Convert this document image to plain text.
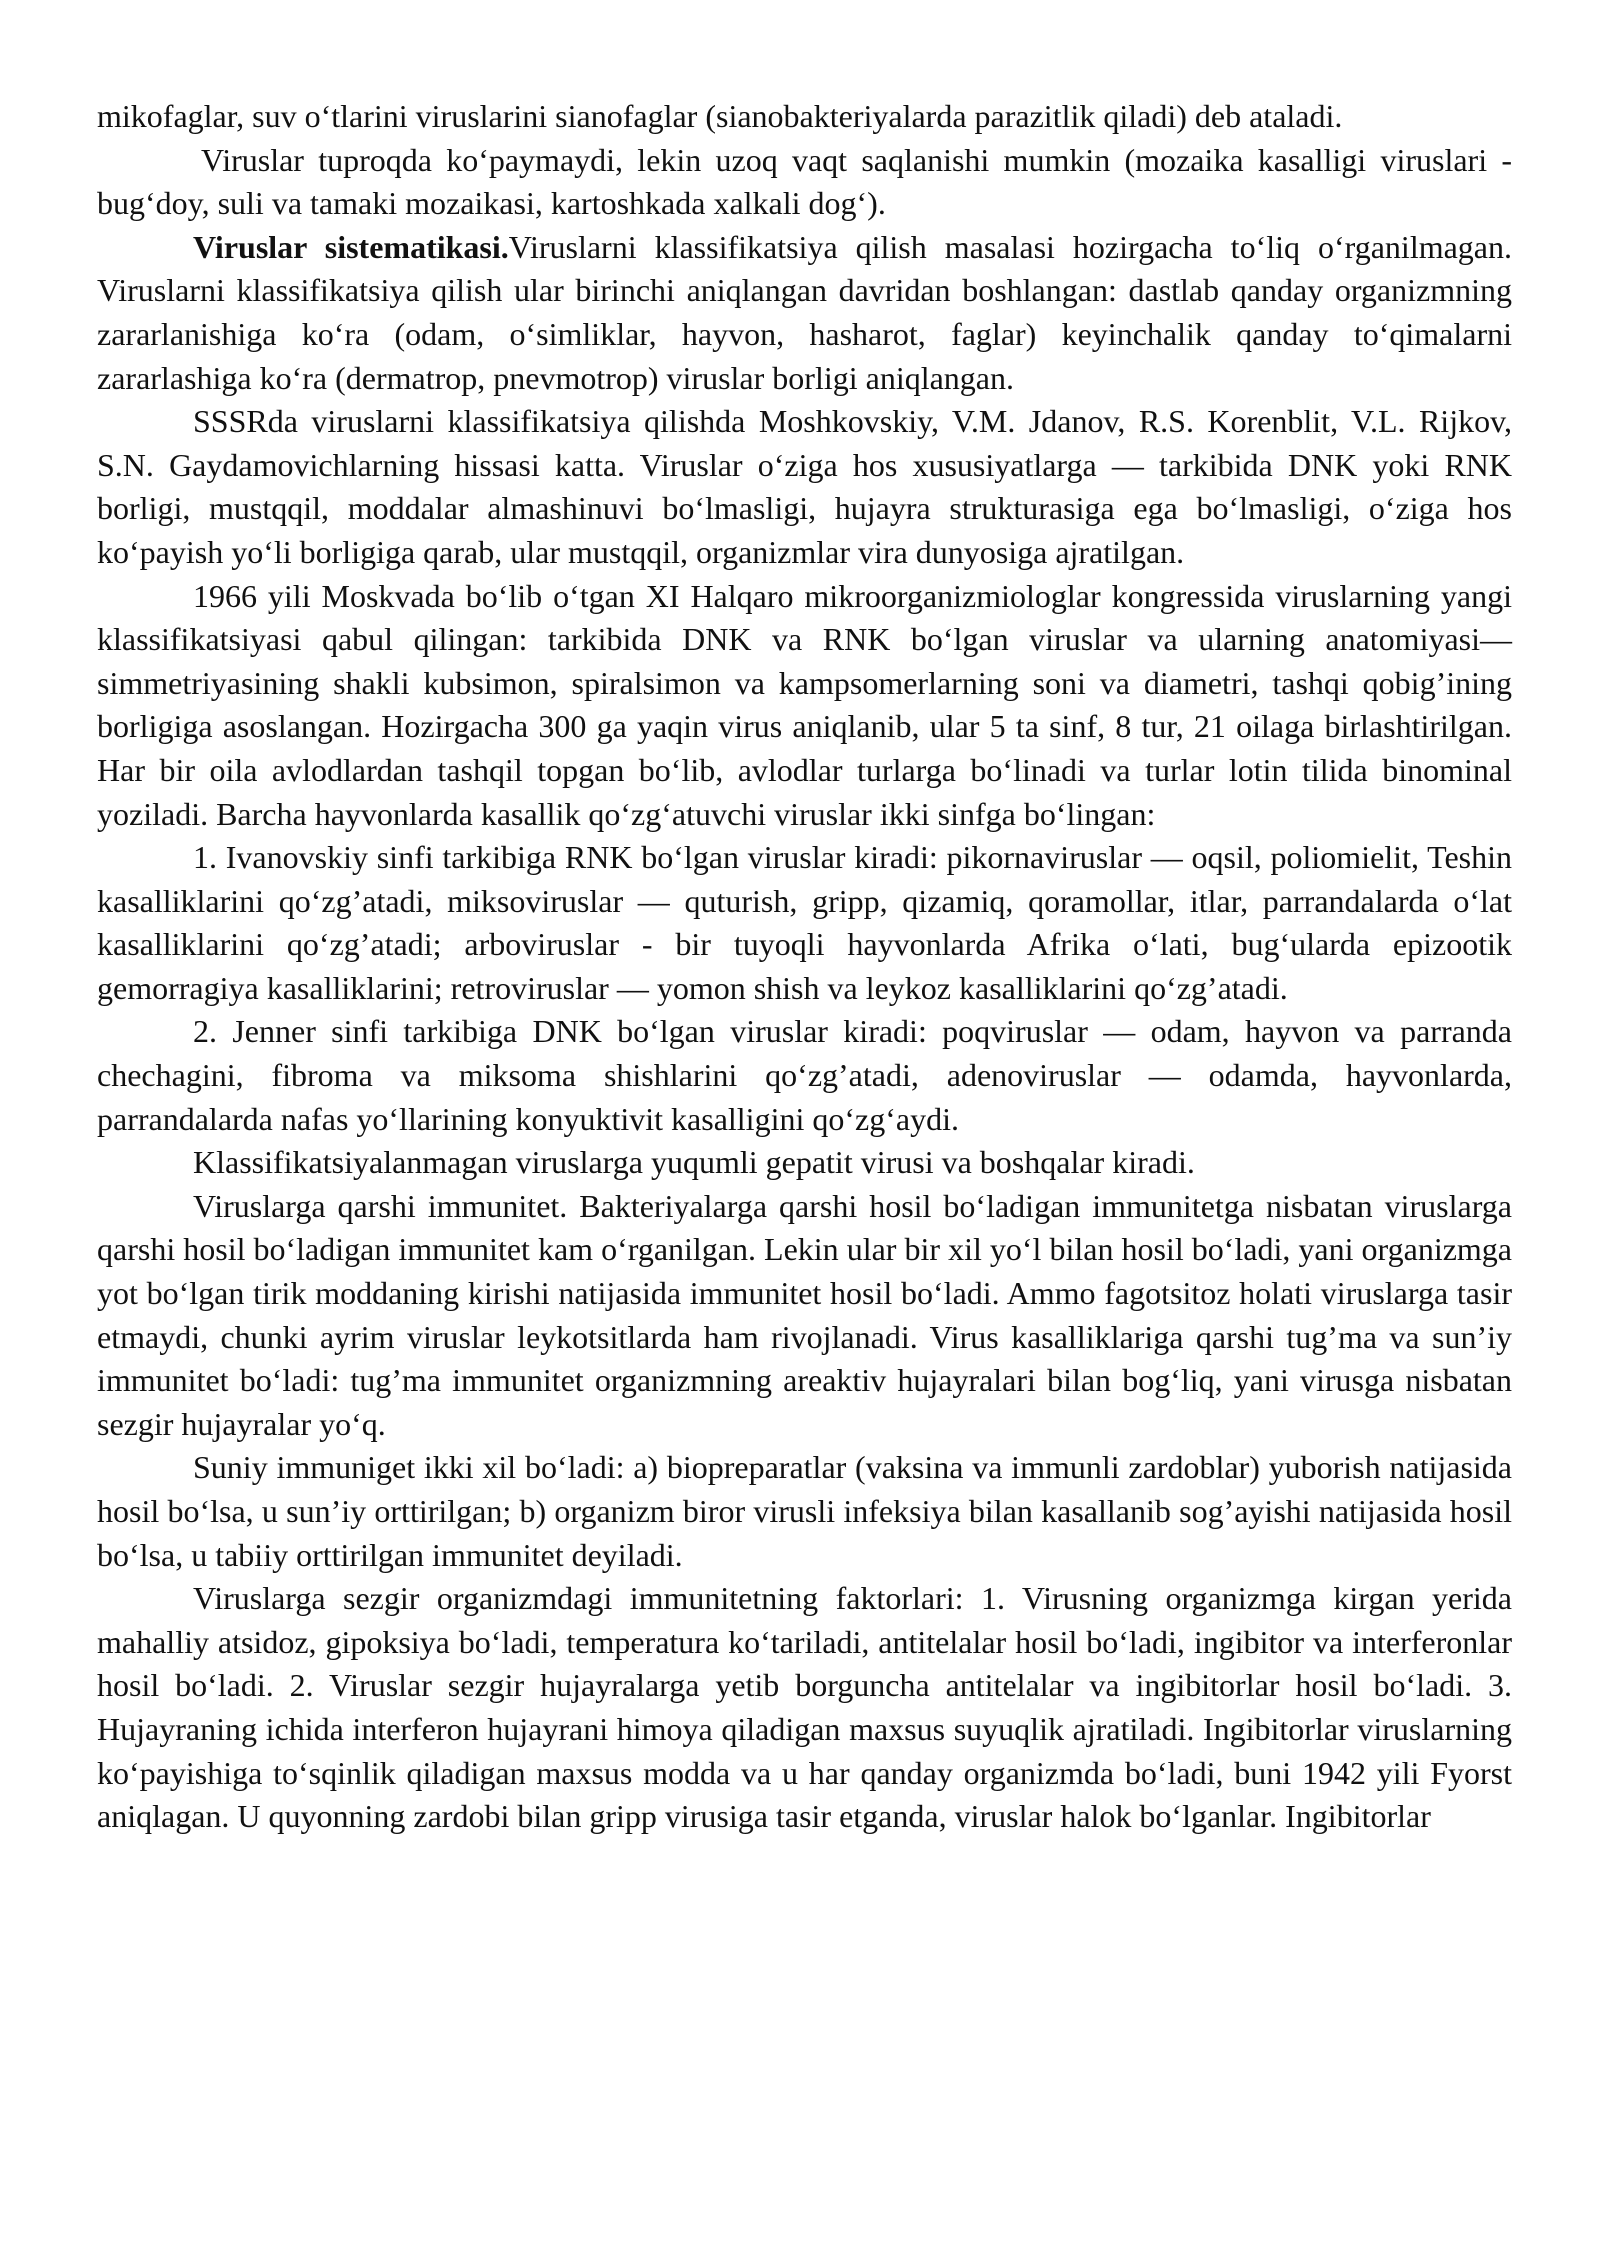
mikofaglar, suv o‘tlarini viruslarini sianofaglar (sianobakteriyalarda parazitlik qiladi) deb ataladi.

Viruslar tuproqda ko‘paymaydi, lekin uzoq vaqt saqlanishi mumkin (mozaika kasalligi viruslari - bug‘doy, suli va tamaki mozaikasi, kartoshkada xalkali dog‘).

Viruslar sistematikasi.Viruslarni klassifikatsiya qilish masalasi hozirgacha to‘liq o‘rganilmagan. Viruslarni klassifikatsiya qilish ular birinchi aniqlangan davridan boshlangan: dastlab qanday organizmning zararlanishiga ko‘ra (odam, o‘simliklar, hayvon, hasharot, faglar) keyinchalik qanday to‘qimalarni zararlashiga ko‘ra (dermatrop, pnevmotrop) viruslar borligi aniqlangan.

SSSRda viruslarni klassifikatsiya qilishda Moshkovskiy, V.M. Jdanov, R.S. Korenblit, V.L. Rijkov, S.N. Gaydamovichlarning hissasi katta. Viruslar o‘ziga hos xususiyatlarga — tarkibida DNK yoki RNK borligi, mustqqil, moddalar almashinuvi bo‘lmasligi, hujayra strukturasiga ega bo‘lmasligi, o‘ziga hos ko‘payish yo‘li borligiga qarab, ular mustqqil, organizmlar vira dunyosiga ajratilgan.

1966 yili Moskvada bo‘lib o‘tgan XI Halqaro mikroorganizmiologlar kongressida viruslarning yangi klassifikatsiyasi qabul qilingan: tarkibida DNK va RNK bo‘lgan viruslar va ularning anatomiyasi—simmetriyasining shakli kubsimon, spiralsimon va kampsomerlarning soni va diametri, tashqi qobig’ining borligiga asoslangan. Hozirgacha 300 ga yaqin virus aniqlanib, ular 5 ta sinf, 8 tur, 21 oilaga birlashtirilgan. Har bir oila avlodlardan tashqil topgan bo‘lib, avlodlar turlarga bo‘linadi va turlar lotin tilida binominal yoziladi. Barcha hayvonlarda kasallik qo‘zg‘atuvchi viruslar ikki sinfga bo‘lingan:

1. Ivanovskiy sinfi tarkibiga RNK bo‘lgan viruslar kiradi: pikornaviruslar — oqsil, poliomielit, Teshin kasalliklarini qo‘zg’atadi, miksoviruslar — quturish, gripp, qizamiq, qoramollar, itlar, parrandalarda o‘lat kasalliklarini qo‘zg’atadi; arboviruslar - bir tuyoqli hayvonlarda Afrika o‘lati, bug‘ularda epizootik gemorragiya kasalliklarini; retroviruslar — yomon shish va leykoz kasalliklarini qo‘zg’atadi.

2. Jenner sinfi tarkibiga DNK bo‘lgan viruslar kiradi: poqviruslar — odam, hayvon va parranda chechagini, fibroma va miksoma shishlarini qo‘zg’atadi, adenoviruslar — odamda, hayvonlarda, parrandalarda nafas yo‘llarining konyuktivit kasalligini qo‘zg‘aydi.

Klassifikatsiyalanmagan viruslarga yuqumli gepatit virusi va boshqalar kiradi.

Viruslarga qarshi immunitet. Bakteriyalarga qarshi hosil bo‘ladigan immunitetga nisbatan viruslarga qarshi hosil bo‘ladigan immunitet kam o‘rganilgan. Lekin ular bir xil yo‘l bilan hosil bo‘ladi, yani organizmga yot bo‘lgan tirik moddaning kirishi natijasida immunitet hosil bo‘ladi. Ammo fagotsitoz holati viruslarga tasir etmaydi, chunki ayrim viruslar leykotsitlarda ham rivojlanadi. Virus kasalliklariga qarshi tug’ma va sun’iy immunitet bo‘ladi: tug’ma immunitet organizmning areaktiv hujayralari bilan bog‘liq, yani virusga nisbatan sezgir hujayralar yo‘q.

Suniy immuniget ikki xil bo‘ladi: a) biopreparatlar (vaksina va immunli zardoblar) yuborish natijasida hosil bo‘lsa, u sun’iy orttirilgan; b) organizm biror virusli infeksiya bilan kasallanib sog’ayishi natijasida hosil bo‘lsa, u tabiiy orttirilgan immunitet deyiladi.

Viruslarga sezgir organizmdagi immunitetning faktorlari: 1. Virusning organizmga kirgan yerida mahalliy atsidoz, gipoksiya bo‘ladi, temperatura ko‘tariladi, antitelalar hosil bo‘ladi, ingibitor va interferonlar hosil bo‘ladi. 2. Viruslar sezgir hujayralarga yetib borguncha antitelalar va ingibitorlar hosil bo‘ladi. 3. Hujayraning ichida interferon hujayrani himoya qiladigan maxsus suyuqlik ajratiladi. Ingibitorlar viruslarning ko‘payishiga to‘sqinlik qiladigan maxsus modda va u har qanday organizmda bo‘ladi, buni 1942 yili Fyorst aniqlagan. U quyonning zardobi bilan gripp virusiga tasir etganda, viruslar halok bo‘lganlar. Ingibitorlar
